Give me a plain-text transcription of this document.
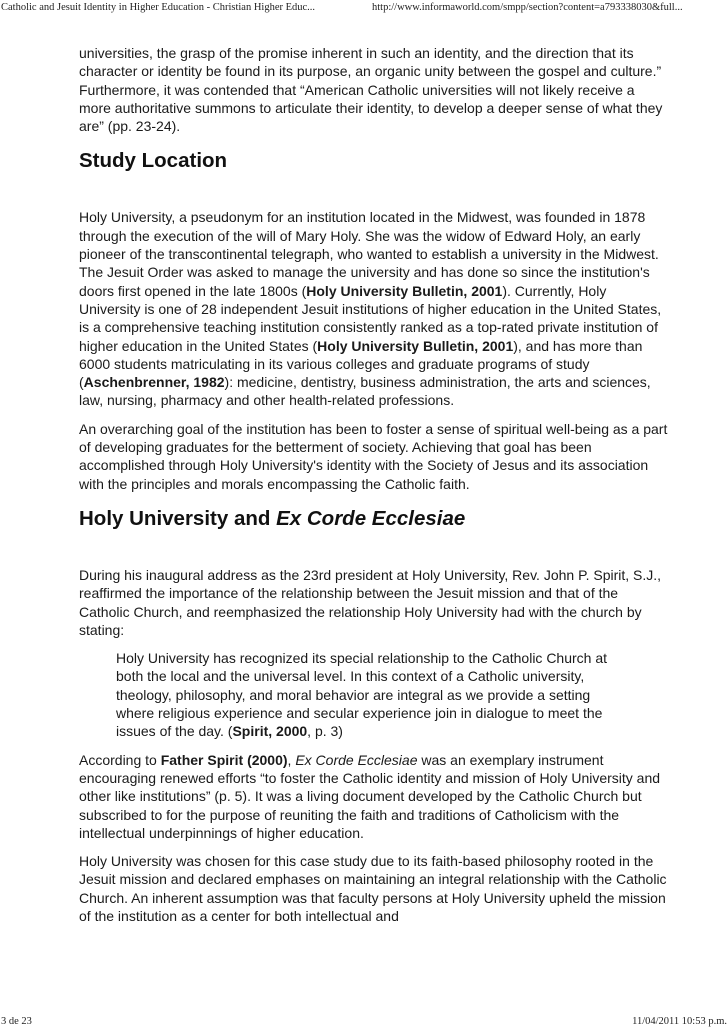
Catholic and Jesuit Identity in Higher Education - Christian Higher Educ...	http://www.informaworld.com/smpp/section?content=a793338030&full...

universities, the grasp of the promise inherent in such an identity, and the direction that its character or identity be found in its purpose, an organic unity between the gospel and culture.” Furthermore, it was contended that “American Catholic universities will not likely receive a more authoritative summons to articulate their identity, to develop a deeper sense of what they are” (pp. 23-24).

Study Location

Holy University, a pseudonym for an institution located in the Midwest, was founded in 1878 through the execution of the will of Mary Holy. She was the widow of Edward Holy, an early pioneer of the transcontinental telegraph, who wanted to establish a university in the Midwest. The Jesuit Order was asked to manage the university and has done so since the institution's doors first opened in the late 1800s (Holy University Bulletin, 2001). Currently, Holy University is one of 28 independent Jesuit institutions of higher education in the United States, is a comprehensive teaching institution consistently ranked as a top-rated private institution of higher education in the United States (Holy University Bulletin, 2001), and has more than 6000 students matriculating in its various colleges and graduate programs of study (Aschenbrenner, 1982): medicine, dentistry, business administration, the arts and sciences, law, nursing, pharmacy and other health-related professions.

An overarching goal of the institution has been to foster a sense of spiritual well-being as a part of developing graduates for the betterment of society. Achieving that goal has been accomplished through Holy University's identity with the Society of Jesus and its association with the principles and morals encompassing the Catholic faith.

Holy University and Ex Corde Ecclesiae

During his inaugural address as the 23rd president at Holy University, Rev. John P. Spirit, S.J., reaffirmed the importance of the relationship between the Jesuit mission and that of the Catholic Church, and reemphasized the relationship Holy University had with the church by stating:

Holy University has recognized its special relationship to the Catholic Church at both the local and the universal level. In this context of a Catholic university, theology, philosophy, and moral behavior are integral as we provide a setting where religious experience and secular experience join in dialogue to meet the issues of the day. (Spirit, 2000, p. 3)

According to Father Spirit (2000), Ex Corde Ecclesiae was an exemplary instrument encouraging renewed efforts “to foster the Catholic identity and mission of Holy University and other like institutions” (p. 5). It was a living document developed by the Catholic Church but subscribed to for the purpose of reuniting the faith and traditions of Catholicism with the intellectual underpinnings of higher education.

Holy University was chosen for this case study due to its faith-based philosophy rooted in the Jesuit mission and declared emphases on maintaining an integral relationship with the Catholic Church. An inherent assumption was that faculty persons at Holy University upheld the mission of the institution as a center for both intellectual and

3 de 23	11/04/2011 10:53 p.m.
